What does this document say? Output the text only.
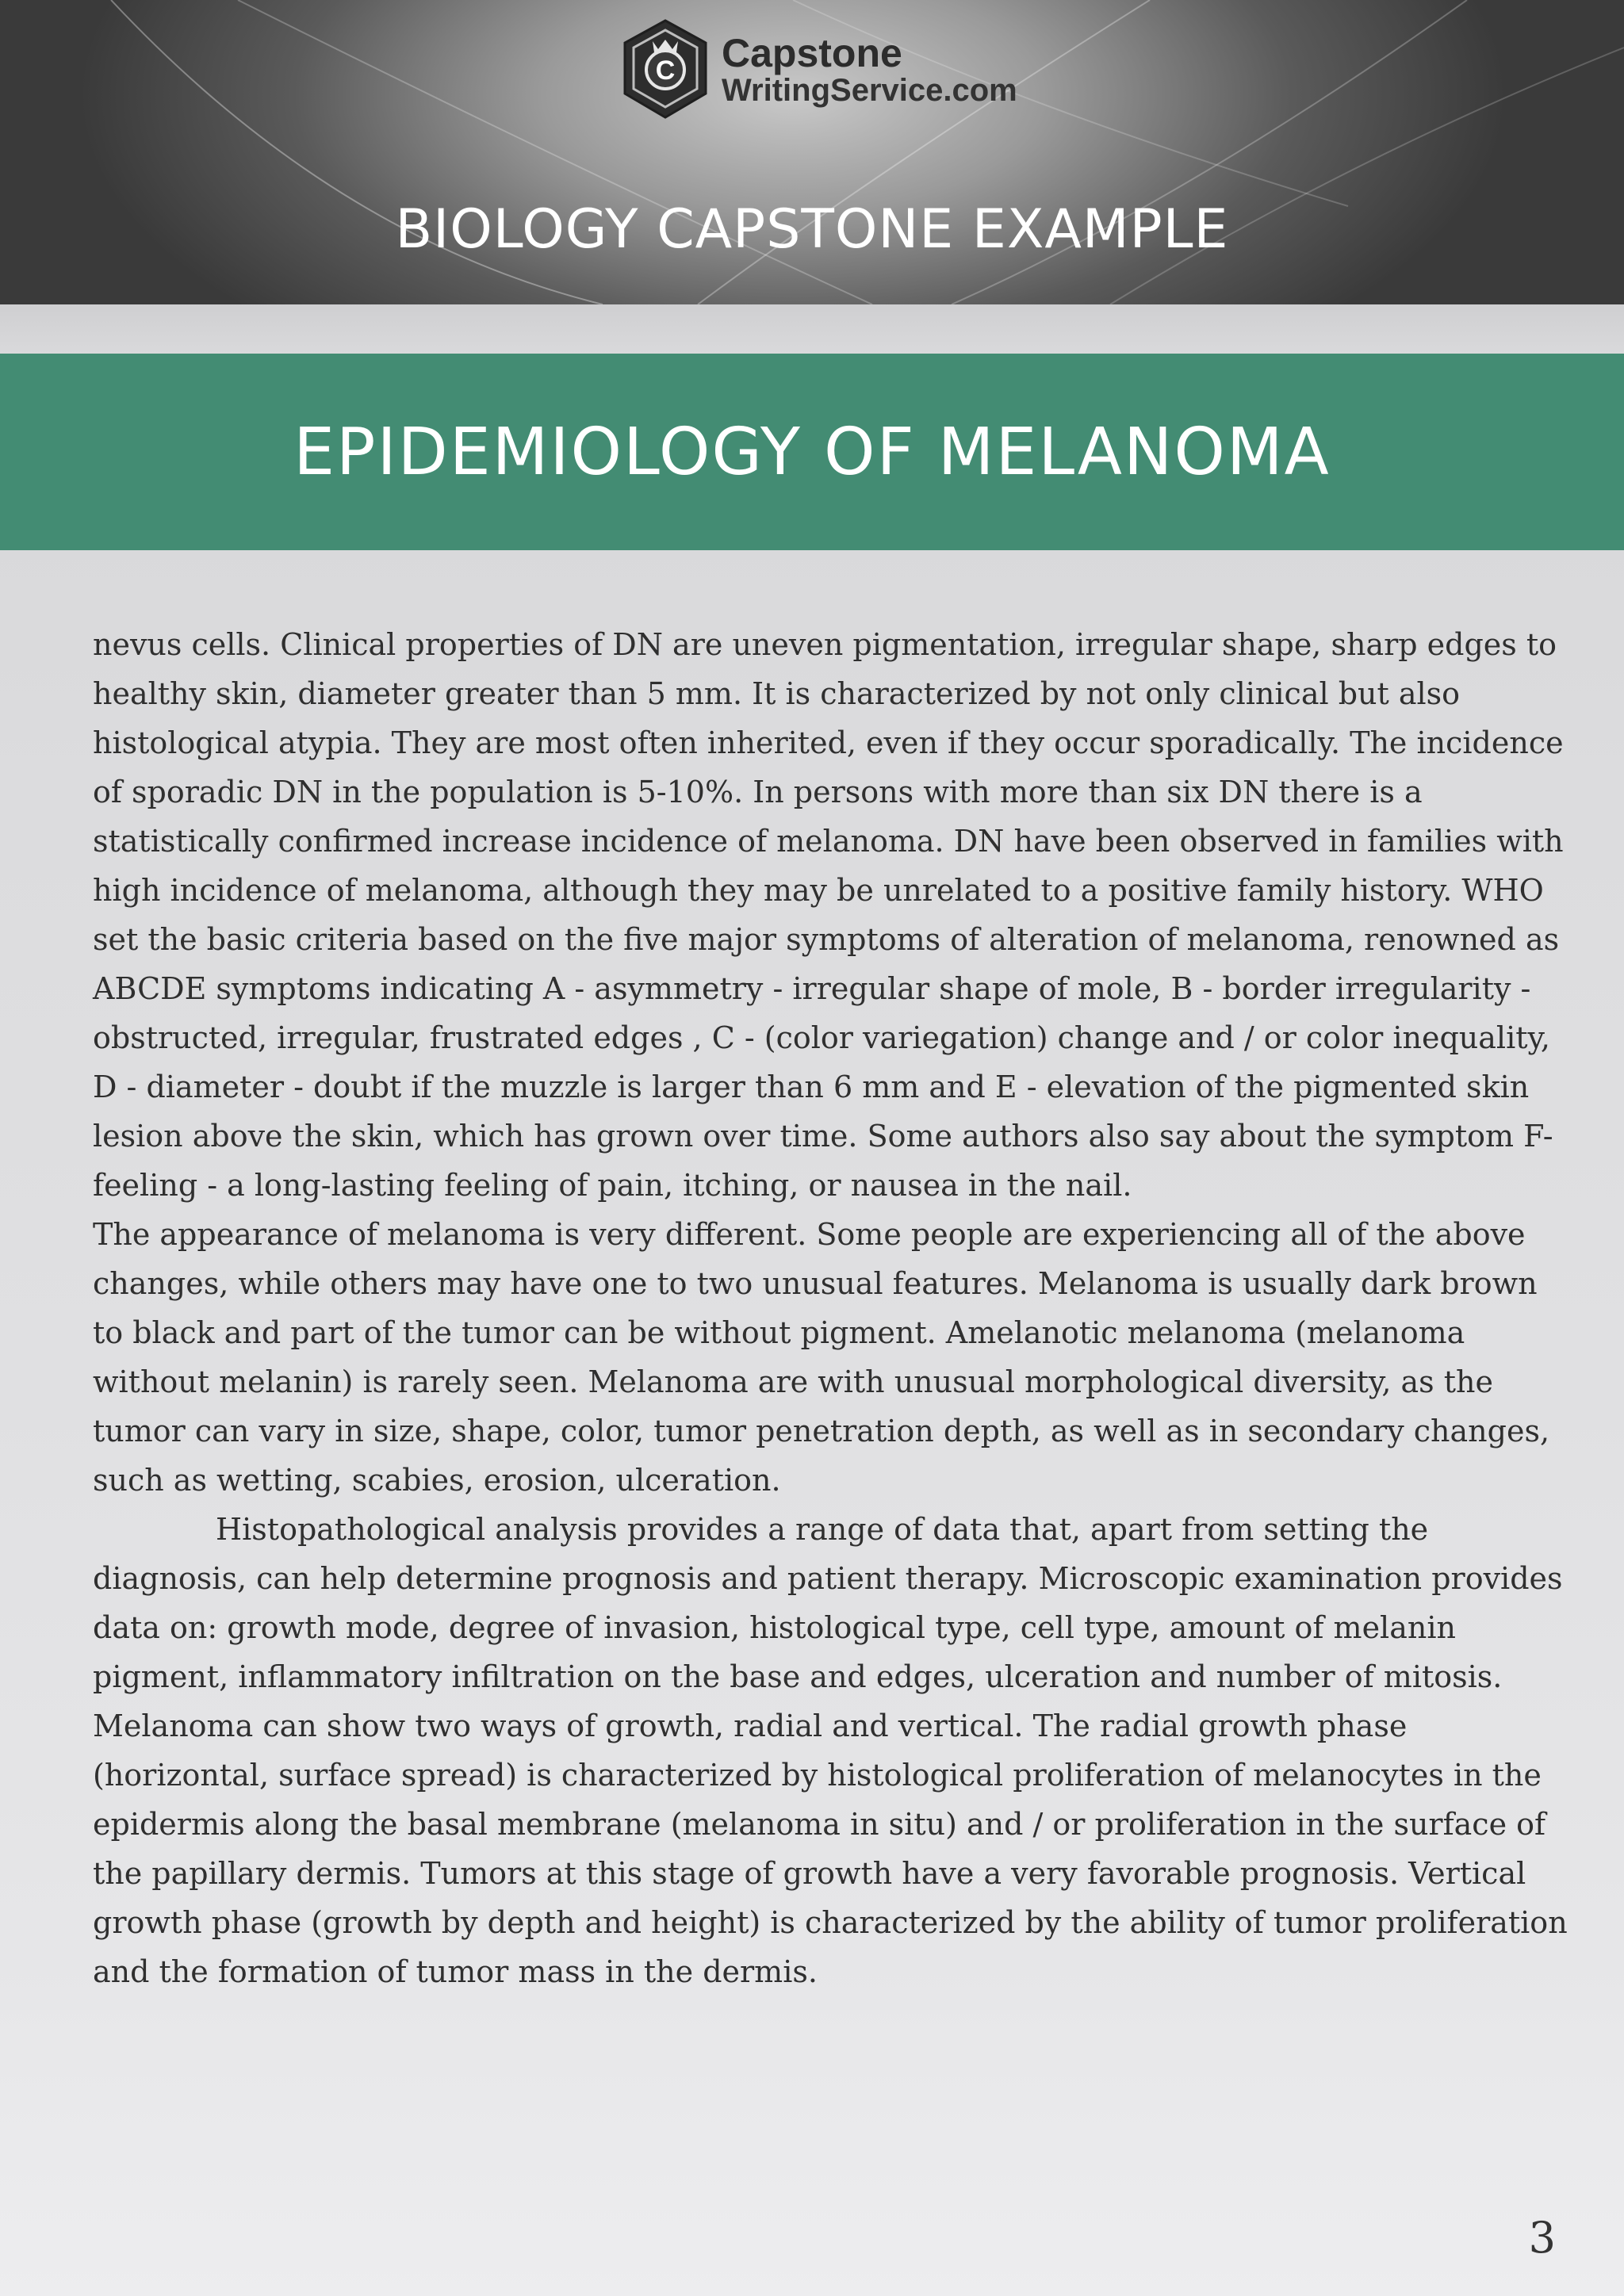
C Capstone
WritingService.com
BIOLOGY CAPSTONE EXAMPLE
EPIDEMIOLOGY OF MELANOMA

nevus cells. Clinical properties of DN are uneven pigmentation, irregular shape, sharp edges to healthy skin, diameter greater than 5 mm. It is characterized by not only clinical but also histological atypia. They are most often inherited, even if they occur sporadically. The incidence of sporadic DN in the population is 5-10%. In persons with more than six DN there is a statistically confirmed increase incidence of melanoma. DN have been observed in families with high incidence of melanoma, although they may be unrelated to a positive family history. WHO set the basic criteria based on the five major symptoms of alteration of melanoma, renowned as ABCDE symptoms indicating A - asymmetry - irregular shape of mole, B - border irregularity - obstructed, irregular, frustrated edges , C - (color variegation) change and / or color inequality, D - diameter - doubt if the muzzle is larger than 6 mm and E - elevation of the pigmented skin lesion above the skin, which has grown over time. Some authors also say about the symptom F-feeling - a long-lasting feeling of pain, itching, or nausea in the nail.

The appearance of melanoma is very different. Some people are experiencing all of the above changes, while others may have one to two unusual features. Melanoma is usually dark brown to black and part of the tumor can be without pigment. Amelanotic melanoma (melanoma without melanin) is rarely seen. Melanoma are with unusual morphological diversity, as the tumor can vary in size, shape, color, tumor penetration depth, as well as in secondary changes, such as wetting, scabies, erosion, ulceration.

Histopathological analysis provides a range of data that, apart from setting the diagnosis, can help determine prognosis and patient therapy. Microscopic examination provides data on: growth mode, degree of invasion, histological type, cell type, amount of melanin pigment, inflammatory infiltration on the base and edges, ulceration and number of mitosis. Melanoma can show two ways of growth, radial and vertical. The radial growth phase (horizontal, surface spread) is characterized by histological proliferation of melanocytes in the epidermis along the basal membrane (melanoma in situ) and / or proliferation in the surface of the papillary dermis. Tumors at this stage of growth have a very favorable prognosis. Vertical growth phase (growth by depth and height) is characterized by the ability of tumor proliferation and the formation of tumor mass in the dermis.

3
